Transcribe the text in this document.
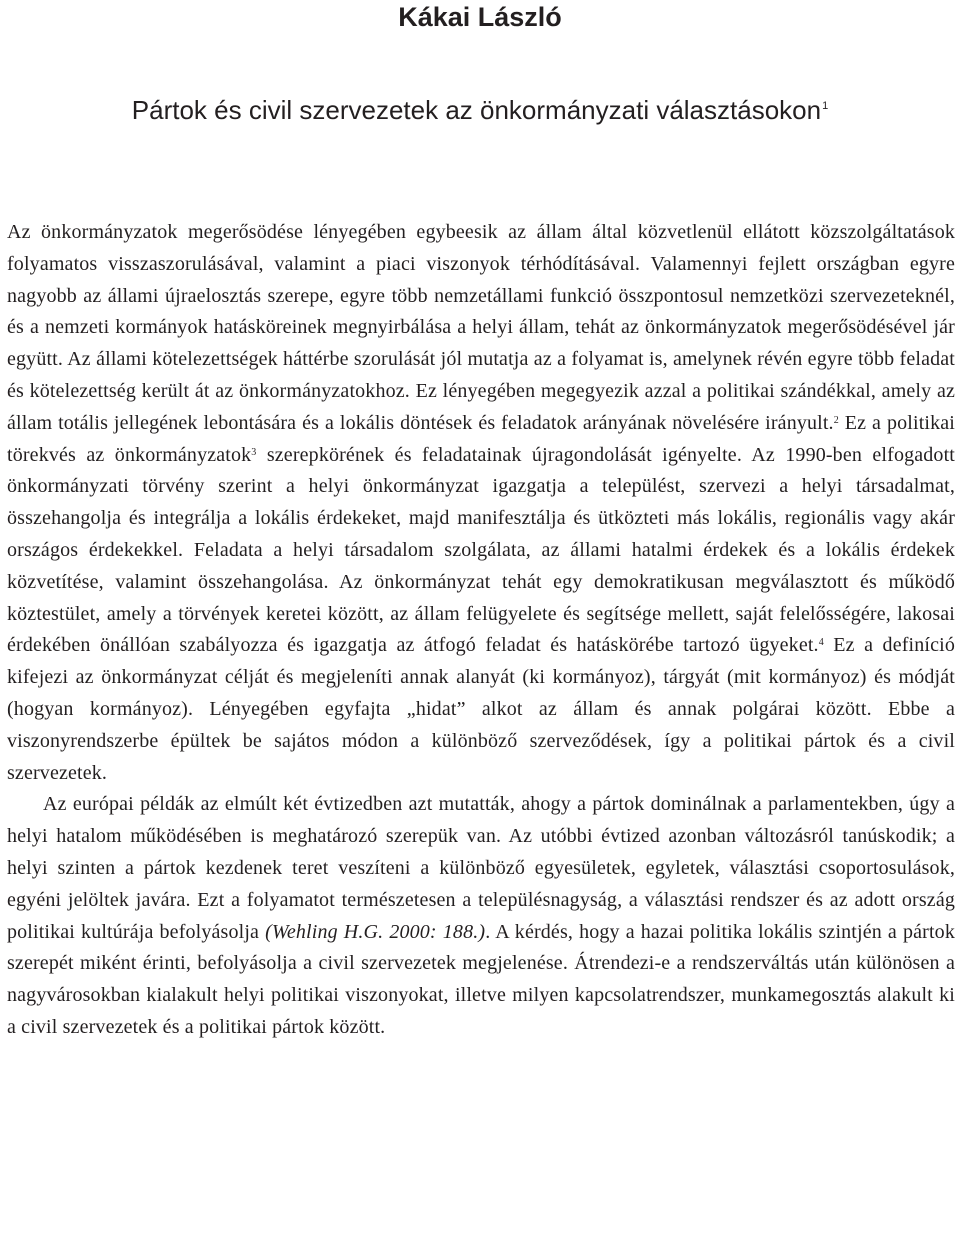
Kákai László
Pártok és civil szervezetek az önkormányzati választásokon$^1$

Az önkormányzatok megerősödése lényegében egybeesik az állam által közvetlenül ellátott közszolgáltatások folyamatos visszaszorulásával, valamint a piaci viszonyok térhódításával. Valamennyi fejlett országban egyre nagyobb az állami újraelosztás szerepe, egyre több nemzetállami funkció összpontosul nemzetközi szervezeteknél, és a nemzeti kormányok hatásköreinek megnyirbálása a helyi állam, tehát az önkormányzatok megerősödésével jár együtt. Az állami kötelezettségek háttérbe szorulását jól mutatja az a folyamat is, amelynek révén egyre több feladat és kötelezettség került át az önkormányzatokhoz. Ez lényegében megegyezik azzal a politikai szándékkal, amely az állam totális jellegének lebontására és a lokális döntések és feladatok arányának növelésére irányult.$^2$ Ez a politikai törekvés az önkormányzatok$^3$ szerepkörének és feladatainak újragondolását igényelte. Az 1990-ben elfogadott önkormányzati törvény szerint a helyi önkormányzat igazgatja a települést, szervezi a helyi társadalmat, összehangolja és integrálja a lokális érdekeket, majd manifesztálja és ütközteti más lokális, regionális vagy akár országos érdekekkel. Feladata a helyi társadalom szolgálata, az állami hatalmi érdekek és a lokális érdekek közvetítése, valamint összehangolása. Az önkormányzat tehát egy demokratikusan megválasztott és működő köztestület, amely a törvények keretei között, az állam felügyelete és segítsége mellett, saját felelősségére, lakosai érdekében önállóan szabályozza és igazgatja az átfogó feladat és hatáskörébe tartozó ügyeket.$^4$ Ez a definíció kifejezi az önkormányzat célját és megjeleníti annak alanyát (ki kormányoz), tárgyát (mit kormányoz) és módját (hogyan kormányoz). Lényegében egyfajta „hidat” alkot az állam és annak polgárai között. Ebbe a viszonyrendszerbe épültek be sajátos módon a különböző szerveződések, így a politikai pártok és a civil szervezetek.

Az európai példák az elmúlt két évtizedben azt mutatták, ahogy a pártok dominálnak a parlamentekben, úgy a helyi hatalom működésében is meghatározó szerepük van. Az utóbbi évtized azonban változásról tanúskodik; a helyi szinten a pártok kezdenek teret veszíteni a különböző egyesületek, egyletek, választási csoportosulások, egyéni jelöltek javára. Ezt a folyamatot természetesen a településnagyság, a választási rendszer és az adott ország politikai kultúrája befolyásolja (Wehling H.G. 2000: 188.). A kérdés, hogy a hazai politika lokális szintjén a pártok szerepét miként érinti, befolyásolja a civil szervezetek megjelenése. Átrendezi-e a rendszerváltás után különösen a nagyvárosokban kialakult helyi politikai viszonyokat, illetve milyen kapcsolatrendszer, munkamegosztás alakult ki a civil szervezetek és a politikai pártok között.
